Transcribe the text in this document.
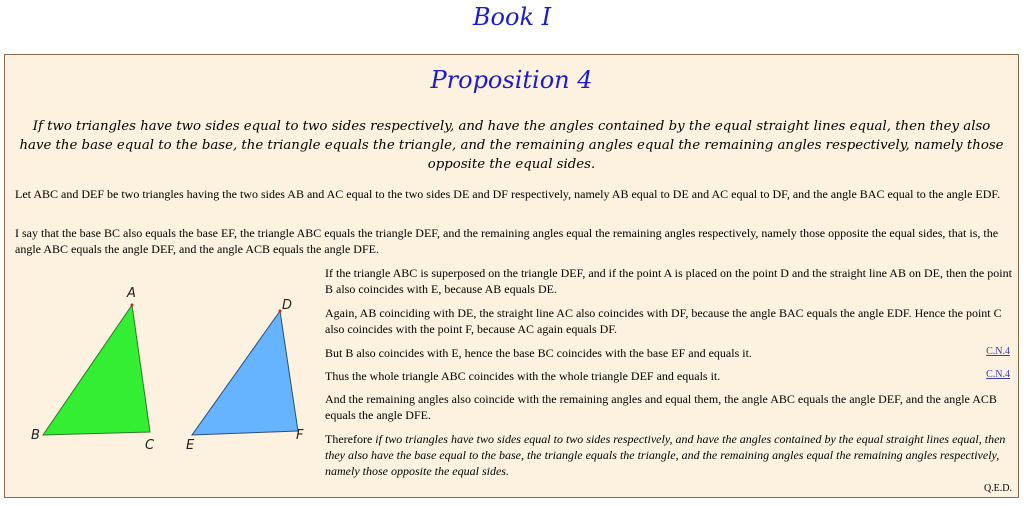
Book I
Proposition 4
If two triangles have two sides equal to two sides respectively, and have the angles contained by the equal straight lines equal, then they also have the base equal to the base, the triangle equals the triangle, and the remaining angles equal the remaining angles respectively, namely those opposite the equal sides.
Let ABC and DEF be two triangles having the two sides AB and AC equal to the two sides DE and DF respectively, namely AB equal to DE and AC equal to DF, and the angle BAC equal to the angle EDF.
I say that the base BC also equals the base EF, the triangle ABC equals the triangle DEF, and the remaining angles equal the remaining angles respectively, namely those opposite the equal sides, that is, the angle ABC equals the angle DEF, and the angle ACB equals the angle DFE.
A
B
C
D
E
F
If the triangle ABC is superposed on the triangle DEF, and if the point A is placed on the point D and the straight line AB on DE, then the point B also coincides with E, because AB equals DE.
Again, AB coinciding with DE, the straight line AC also coincides with DF, because the angle BAC equals the angle EDF. Hence the point C also coincides with the point F, because AC again equals DF.
But B also coincides with E, hence the base BC coincides with the base EF and equals it.	C.N.4
Thus the whole triangle ABC coincides with the whole triangle DEF and equals it.	C.N.4
And the remaining angles also coincide with the remaining angles and equal them, the angle ABC equals the angle DEF, and the angle ACB equals the angle DFE.
Therefore if two triangles have two sides equal to two sides respectively, and have the angles contained by the equal straight lines equal, then they also have the base equal to the base, the triangle equals the triangle, and the remaining angles equal the remaining angles respectively, namely those opposite the equal sides.
Q.E.D.
